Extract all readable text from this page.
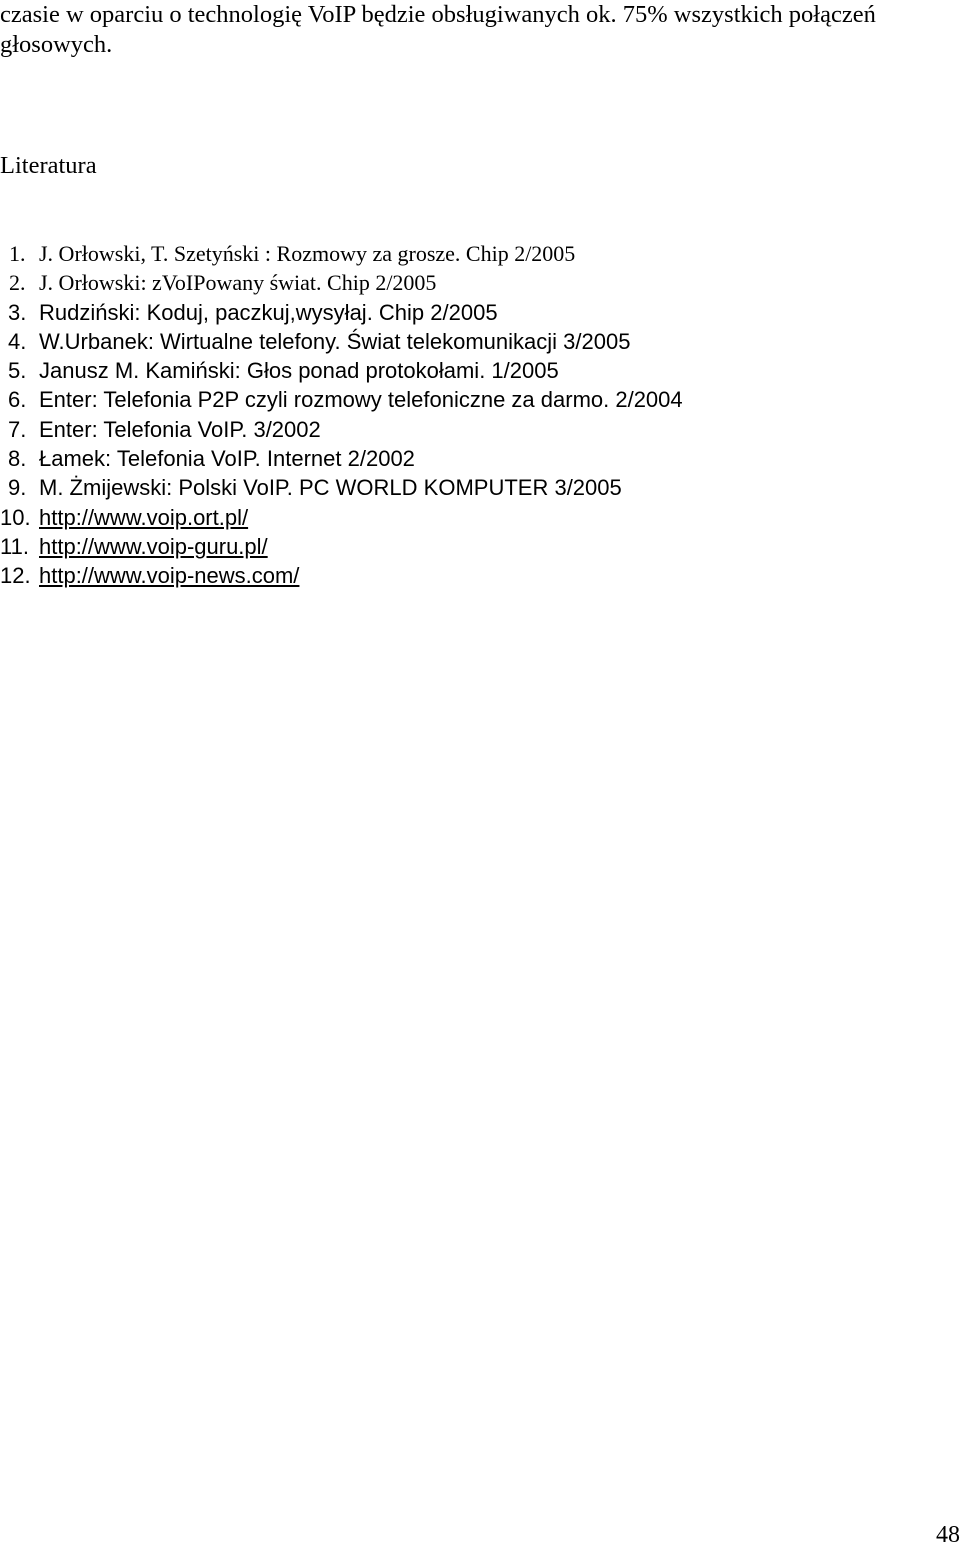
czasie w oparciu o technologię VoIP będzie obsługiwanych ok. 75% wszystkich połączeń głosowych.

Literatura
1. J. Orłowski, T. Szetyński : Rozmowy za grosze. Chip 2/2005
2. J. Orłowski: zVoIPowany świat. Chip 2/2005
3. Rudziński: Koduj, paczkuj,wysyłaj. Chip 2/2005
4. W.Urbanek: Wirtualne telefony. Świat telekomunikacji 3/2005
5. Janusz M. Kamiński: Głos ponad protokołami. 1/2005
6. Enter: Telefonia P2P czyli rozmowy telefoniczne za darmo. 2/2004
7. Enter: Telefonia VoIP. 3/2002
8. Łamek: Telefonia VoIP. Internet 2/2002
9. M. Żmijewski: Polski VoIP. PC WORLD KOMPUTER 3/2005
10. http://www.voip.ort.pl/
11. http://www.voip-guru.pl/
12. http://www.voip-news.com/
48
